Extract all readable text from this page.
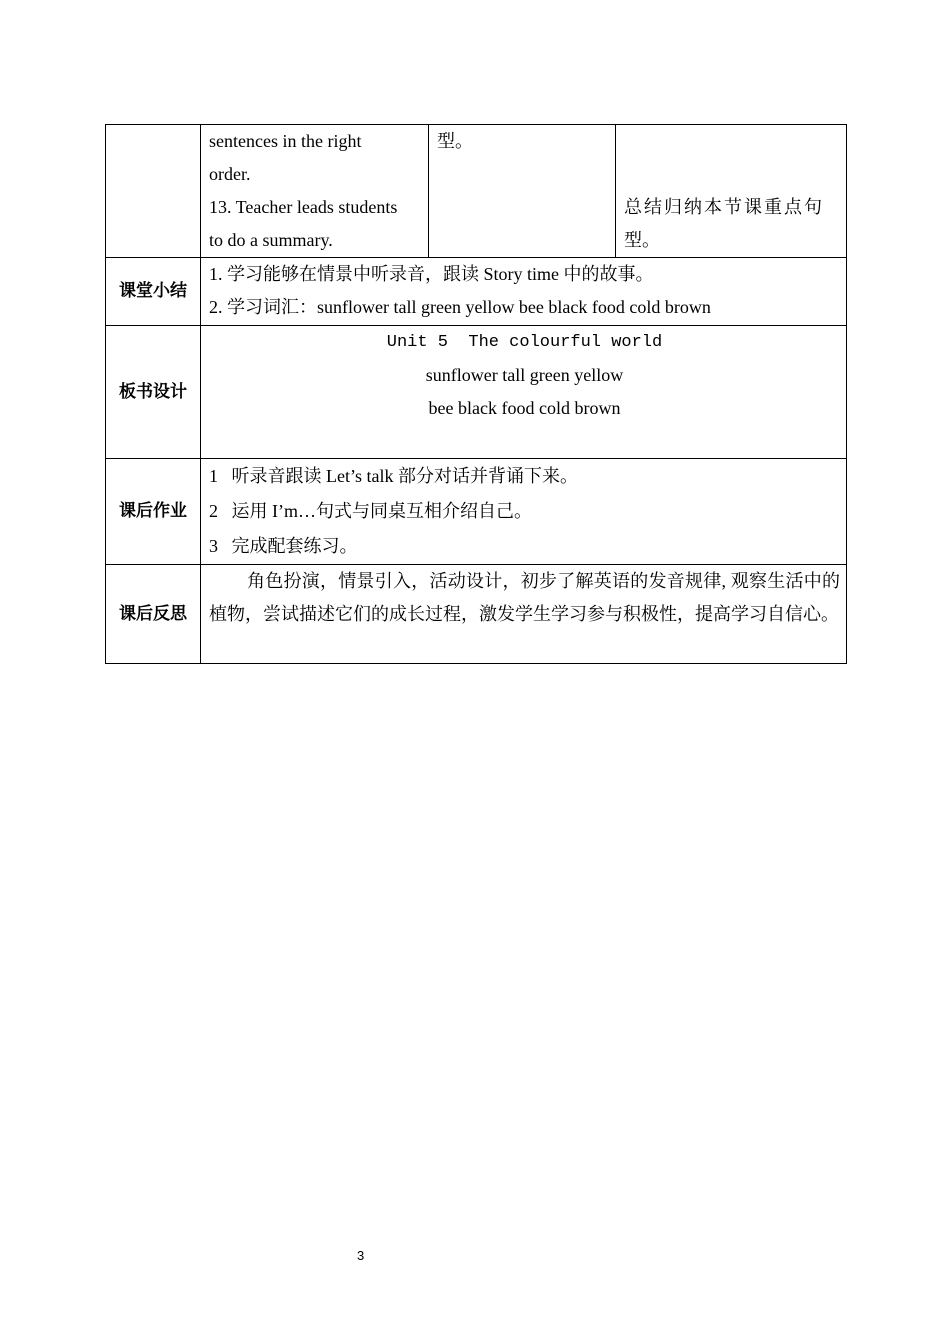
	sentences in the right
order.
13. Teacher leads students
to do a summary.	型。	总结归纳本节课重点句
型。

课堂小结	1. 学习能够在情景中听录音，跟读 Story time 中的故事。
2. 学习词汇：sunflower tall green yellow bee black food cold brown		

板书设计	Unit 5  The colourful world
sunflower tall green yellow
bee black food cold brown		

课后作业	1   听录音跟读 Let’s talk 部分对话并背诵下来。
2   运用 I’m…句式与同桌互相介绍自己。
3   完成配套练习。		

课后反思	角色扮演，情景引入，活动设计，初步了解英语的发音规律, 观察生活中的植物，尝试描述它们的成长过程，激发学生学习参与积极性，提高学习自信心。		
3
